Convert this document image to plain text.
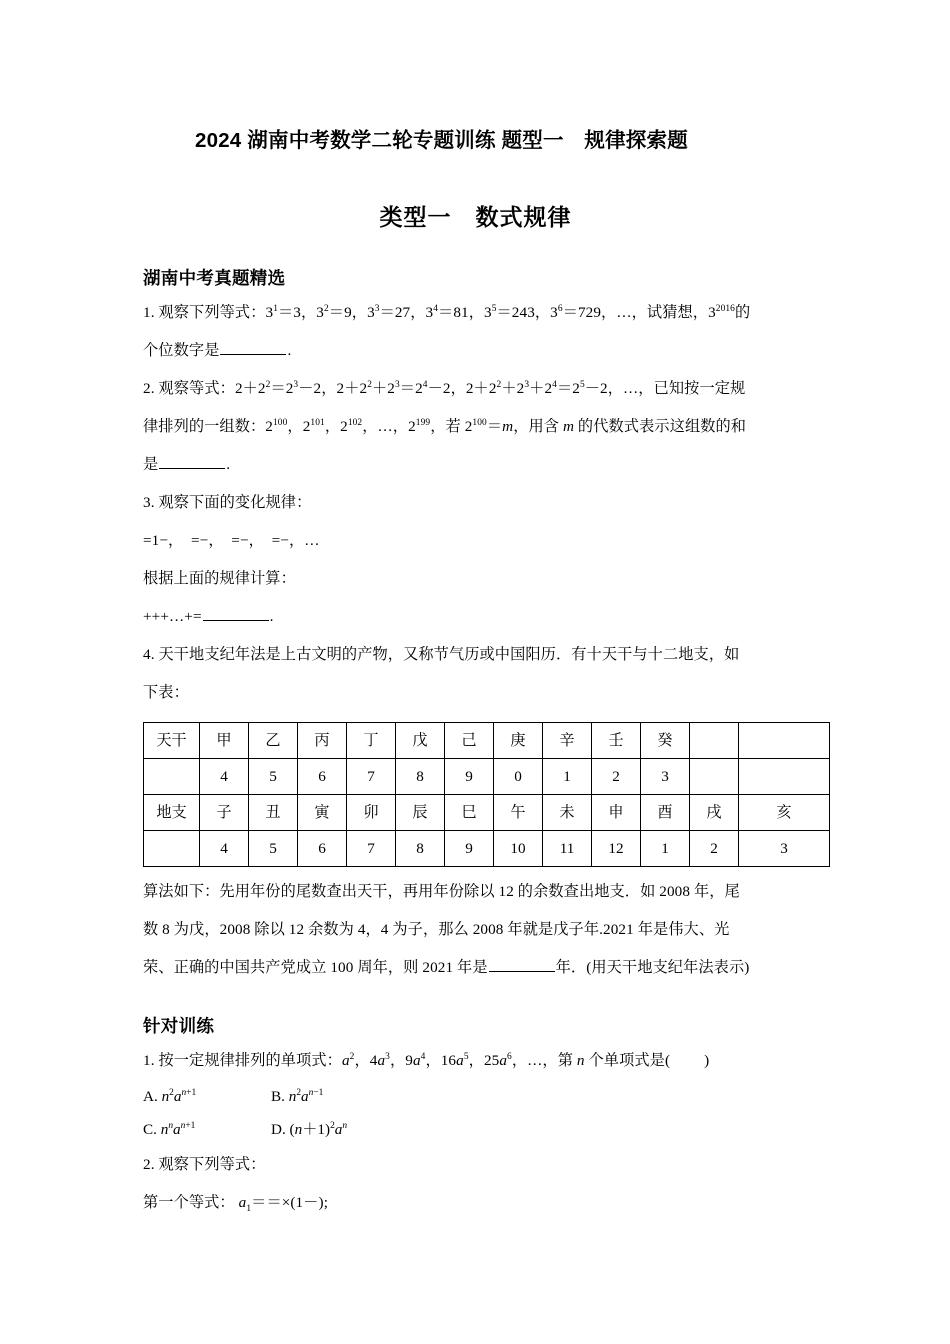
2024 湖南中考数学二轮专题训练 题型一　规律探索题
类型一　数式规律
湖南中考真题精选

1. 观察下列等式：$3^1=3$，$3^2=9$，$3^3=27$，$3^4=81$，$3^5=243$，$3^6=729$，…，试猜想，$3^{2016}$的

个位数字是	.

2. 观察等式：$2+2^2=2^3-2$，$2+2^2+2^3=2^4-2$，$2+2^2+2^3+2^4=2^5-2$，…，已知按一定规

律排列的一组数：$2^{100}$，$2^{101}$，$2^{102}$，…，$2^{199}$，若 $2^{100}=m$，用含 m 的代数式表示这组数的和

是	.

3. 观察下面的变化规律：

=1−，　=−，　=−，　=−，…

根据上面的规律计算：

+++…+=	.

4. 天干地支纪年法是上古文明的产物，又称节气历或中国阳历．有十天干与十二地支，如

下表：

天干	甲	乙	丙	丁	戊	己	庚	辛	壬	癸		
	4	5	6	7	8	9	0	1	2	3		
地支	子	丑	寅	卯	辰	巳	午	未	申	酉	戌	亥
	4	5	6	7	8	9	10	11	12	1	2	3

算法如下：先用年份的尾数查出天干，再用年份除以 12 的余数查出地支．如 2008 年，尾

数 8 为戊，2008 除以 12 余数为 4，4 为子，那么 2008 年就是戊子年.2021 年是伟大、光

荣、正确的中国共产党成立 100 周年，则 2021 年是	年．(用天干地支纪年法表示)

针对训练

1. 按一定规律排列的单项式：$a^2$，$4a^3$，$9a^4$，$16a^5$，$25a^6$，…，第 n 个单项式是( )

A. $n^2a^{n+1}$	B. $n^2a^{n-1}$

C. $n^na^{n+1}$	D. $(n+1)^2a^n$

2. 观察下列等式：

第一个等式： $a_1==\times(1-)$;
